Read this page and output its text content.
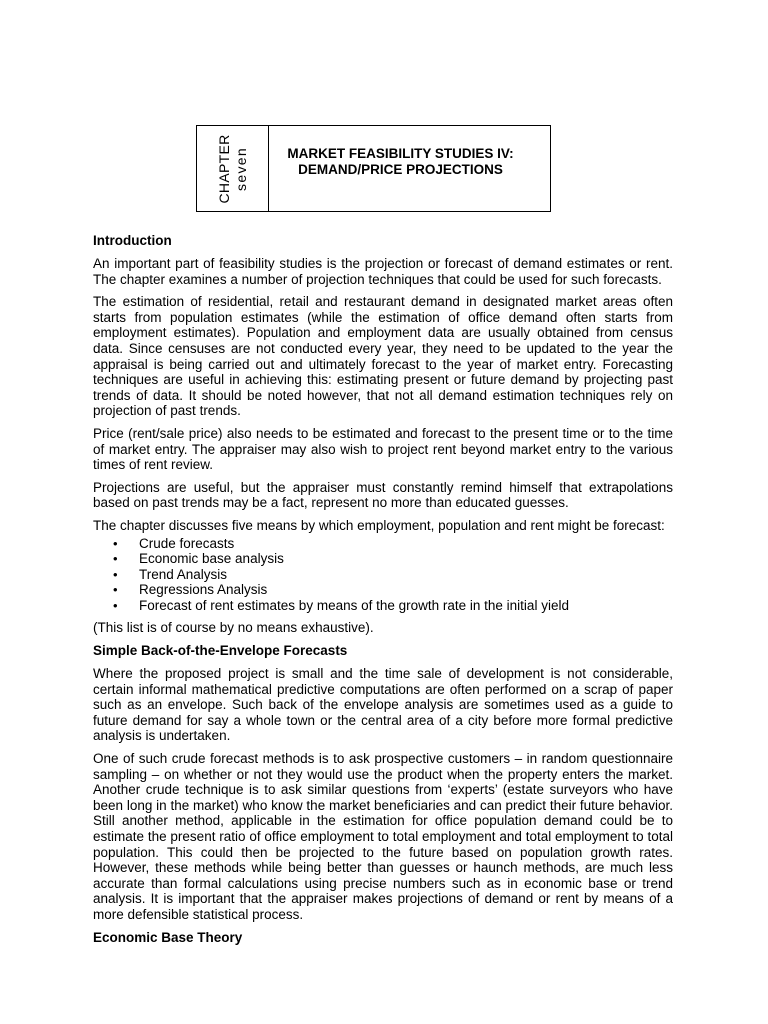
CHAPTER seven	MARKET FEASIBILITY STUDIES IV:
DEMAND/PRICE PROJECTIONS
Introduction

An important part of feasibility studies is the projection or forecast of demand estimates or rent. The chapter examines a number of projection techniques that could be used for such forecasts.

The estimation of residential, retail and restaurant demand in designated market areas often starts from population estimates (while the estimation of office demand often starts from employment estimates). Population and employment data are usually obtained from census data. Since censuses are not conducted every year, they need to be updated to the year the appraisal is being carried out and ultimately forecast to the year of market entry. Forecasting techniques are useful in achieving this: estimating present or future demand by projecting past trends of data. It should be noted however, that not all demand estimation techniques rely on projection of past trends.

Price (rent/sale price) also needs to be estimated and forecast to the present time or to the time of market entry. The appraiser may also wish to project rent beyond market entry to the various times of rent review.

Projections are useful, but the appraiser must constantly remind himself that extrapolations based on past trends may be a fact, represent no more than educated guesses.

The chapter discusses five means by which employment, population and rent might be forecast:

• Crude forecasts
• Economic base analysis
• Trend Analysis
• Regressions Analysis
• Forecast of rent estimates by means of the growth rate in the initial yield

(This list is of course by no means exhaustive).

Simple Back-of-the-Envelope Forecasts

Where the proposed project is small and the time sale of development is not considerable, certain informal mathematical predictive computations are often performed on a scrap of paper such as an envelope. Such back of the envelope analysis are sometimes used as a guide to future demand for say a whole town or the central area of a city before more formal predictive analysis is undertaken.

One of such crude forecast methods is to ask prospective customers – in random questionnaire sampling – on whether or not they would use the product when the property enters the market. Another crude technique is to ask similar questions from ‘experts’ (estate surveyors who have been long in the market) who know the market beneficiaries and can predict their future behavior. Still another method, applicable in the estimation for office population demand could be to estimate the present ratio of office employment to total employment and total employment to total population. This could then be projected to the future based on population growth rates. However, these methods while being better than guesses or haunch methods, are much less accurate than formal calculations using precise numbers such as in economic base or trend analysis. It is important that the appraiser makes projections of demand or rent by means of a more defensible statistical process.

Economic Base Theory
